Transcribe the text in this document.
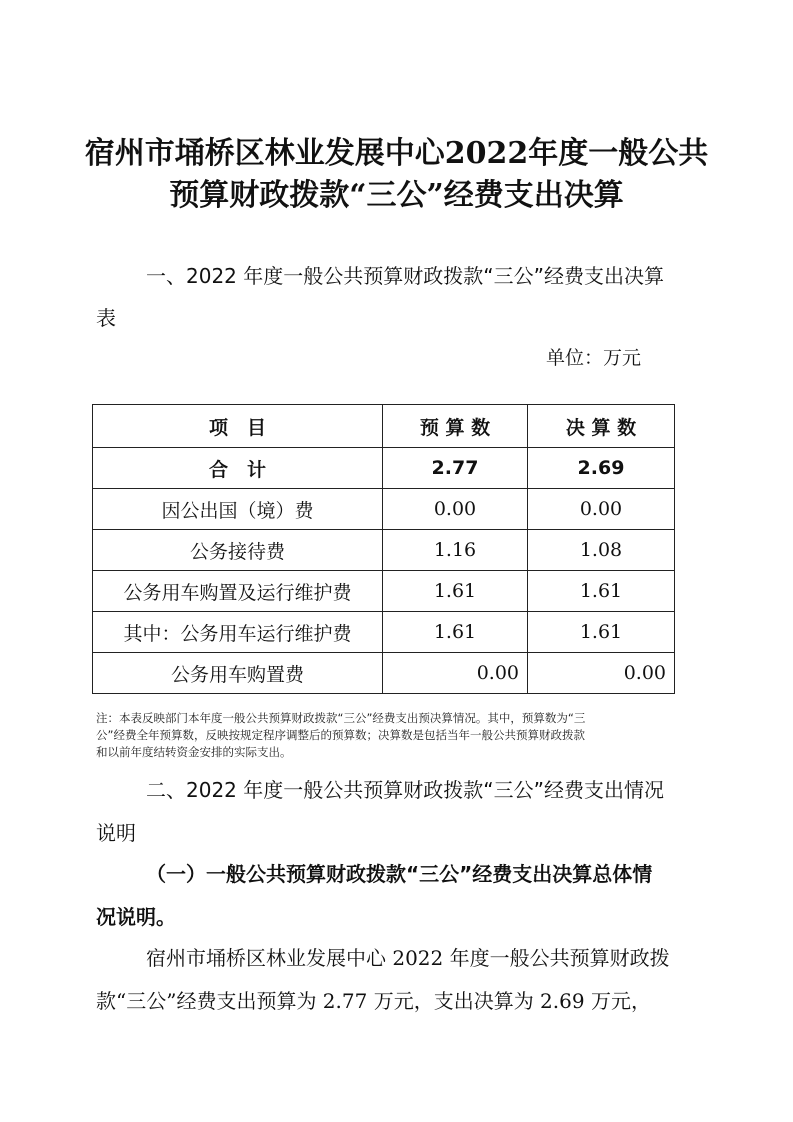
宿州市埇桥区林业发展中心2022年度一般公共
预算财政拨款“三公”经费支出决算
一、2022 年度一般公共预算财政拨款“三公”经费支出决算
表
单位：万元
项　目	预 算 数	决 算 数
合　计	2.77	2.69
因公出国（境）费	0.00	0.00
公务接待费	1.16	1.08
公务用车购置及运行维护费	1.61	1.61
其中：公务用车运行维护费	1.61	1.61
公务用车购置费	0.00	0.00
注：本表反映部门本年度一般公共预算财政拨款“三公”经费支出预决算情况。其中，预算数为“三
公”经费全年预算数，反映按规定程序调整后的预算数；决算数是包括当年一般公共预算财政拨款
和以前年度结转资金安排的实际支出。
二、2022 年度一般公共预算财政拨款“三公”经费支出情况
说明
（一）一般公共预算财政拨款“三公”经费支出决算总体情
况说明。
宿州市埇桥区林业发展中心 2022 年度一般公共预算财政拨
款“三公”经费支出预算为 2.77 万元，支出决算为 2.69 万元，
